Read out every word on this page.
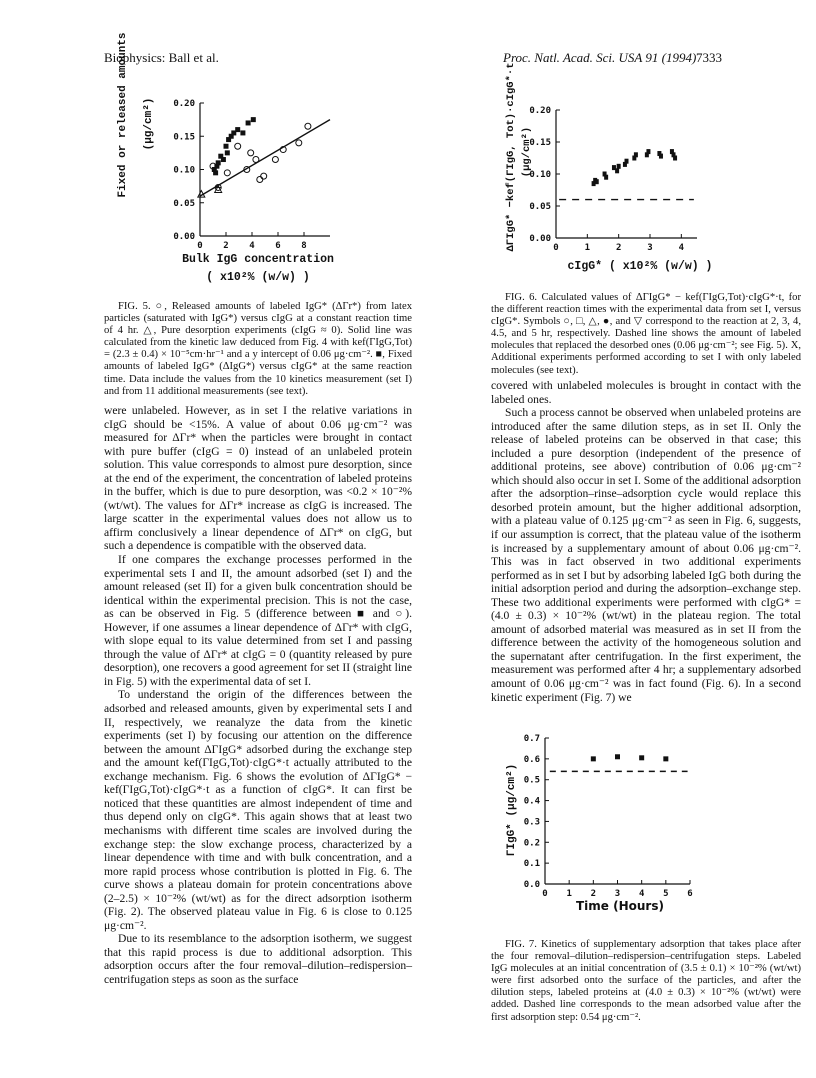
Biophysics: Ball et al.	Proc. Natl. Acad. Sci. USA 91 (1994) 7333
Fixed or released amounts (μg/cm²)
Bulk IgG concentration
( x10²% (w/w) )
0 2 4 6 8
0.00
0.05
0.10
0.15
0.20
0	1	2	3	4
0.00
0.05
0.10
0.15
0.20
0 1 2 3 4 5 6
0.0
0.1
0.2
0.3
0.4
0.5
0.6
0.7
ΔΓIgG* −kef(ΓIgG, Tot)·cIgG*·t (μg/cm²)
cIgG* ( x10²% (w/w) )
ΓIgG* (μg/cm²)
Time (Hours)

FIG. 5. ○, Released amounts of labeled IgG* (ΔΓr*) from latex particles (saturated with IgG*) versus cIgG at a constant reaction time of 4 hr. △, Pure desorption experiments (cIgG ≈ 0). Solid line was calculated from the kinetic law deduced from Fig. 4 with kef(ΓIgG,Tot) = (2.3 ± 0.4) × 10⁻⁵cm·hr⁻¹ and a y intercept of 0.06 μg·cm⁻². ■, Fixed amounts of labeled IgG* (ΔIgG*) versus cIgG* at the same reaction time. Data include the values from the 10 kinetics measurement (set I) and from 11 additional measurements (see text).

FIG. 6. Calculated values of ΔΓIgG* − kef(ΓIgG,Tot)·cIgG*·t, for the different reaction times with the experimental data from set I, versus cIgG*. Symbols ○, □, △, ●, and ▽ correspond to the reaction at 2, 3, 4, 4.5, and 5 hr, respectively. Dashed line shows the amount of labeled molecules that replaced the desorbed ones (0.06 μg·cm⁻²; see Fig. 5). X, Additional experiments performed according to set I with only labeled molecules (see text).

FIG. 7. Kinetics of supplementary adsorption that takes place after the four removal–dilution–redispersion–centrifugation steps. Labeled IgG molecules at an initial concentration of (3.5 ± 0.1) × 10⁻²% (wt/wt) were first adsorbed onto the surface of the particles, and after the dilution steps, labeled proteins at (4.0 ± 0.3) × 10⁻²% (wt/wt) were added. Dashed line corresponds to the mean adsorbed value after the first adsorption step: 0.54 μg·cm⁻².

were unlabeled. However, as in set I the relative variations in cIgG should be <15%. A value of about 0.06 μg·cm⁻² was measured for ΔΓr* when the particles were brought in contact with pure buffer (cIgG = 0) instead of an unlabeled protein solution. This value corresponds to almost pure desorption, since at the end of the experiment, the concentration of labeled proteins in the buffer, which is due to pure desorption, was <0.2 × 10⁻²% (wt/wt). The values for ΔΓr* increase as cIgG is increased. The large scatter in the experimental values does not allow us to affirm conclusively a linear dependence of ΔΓr* on cIgG, but such a dependence is compatible with the observed data.

If one compares the exchange processes performed in the experimental sets I and II, the amount adsorbed (set I) and the amount released (set II) for a given bulk concentration should be identical within the experimental precision. This is not the case, as can be observed in Fig. 5 (difference between ■ and ○). However, if one assumes a linear dependence of ΔΓr* with cIgG, with slope equal to its value determined from set I and passing through the value of ΔΓr* at cIgG = 0 (quantity released by pure desorption), one recovers a good agreement for set II (straight line in Fig. 5) with the experimental data of set I.

To understand the origin of the differences between the adsorbed and released amounts, given by experimental sets I and II, respectively, we reanalyze the data from the kinetic experiments (set I) by focusing our attention on the difference between the amount ΔΓIgG* adsorbed during the exchange step and the amount kef(ΓIgG,Tot)·cIgG*·t actually attributed to the exchange mechanism. Fig. 6 shows the evolution of ΔΓIgG* − kef(ΓIgG,Tot)·cIgG*·t as a function of cIgG*. It can first be noticed that these quantities are almost independent of time and thus depend only on cIgG*. This again shows that at least two mechanisms with different time scales are involved during the exchange step: the slow exchange process, characterized by a linear dependence with time and with bulk concentration, and a more rapid process whose contribution is plotted in Fig. 6. The curve shows a plateau domain for protein concentrations above (2–2.5) × 10⁻²% (wt/wt) as for the direct adsorption isotherm (Fig. 2). The observed plateau value in Fig. 6 is close to 0.125 μg·cm⁻².

Due to its resemblance to the adsorption isotherm, we suggest that this rapid process is due to additional adsorption. This adsorption occurs after the four removal–dilution–redispersion–centrifugation steps as soon as the surface

covered with unlabeled molecules is brought in contact with the labeled ones.

Such a process cannot be observed when unlabeled proteins are introduced after the same dilution steps, as in set II. Only the release of labeled proteins can be observed in that case; this included a pure desorption (independent of the presence of additional proteins, see above) contribution of 0.06 μg·cm⁻² which should also occur in set I. Some of the additional adsorption after the adsorption–rinse–adsorption cycle would replace this desorbed protein amount, but the higher additional adsorption, with a plateau value of 0.125 μg·cm⁻² as seen in Fig. 6, suggests, if our assumption is correct, that the plateau value of the isotherm is increased by a supplementary amount of about 0.06 μg·cm⁻². This was in fact observed in two additional experiments performed as in set I but by adsorbing labeled IgG both during the initial adsorption period and during the adsorption–exchange step. These two additional experiments were performed with cIgG* = (4.0 ± 0.3) × 10⁻²% (wt/wt) in the plateau region. The total amount of adsorbed material was measured as in set II from the difference between the activity of the homogeneous solution and the supernatant after centrifugation. In the first experiment, the measurement was performed after 4 hr; a supplementary adsorbed amount of 0.06 μg·cm⁻² was in fact found (Fig. 6). In a second kinetic experiment (Fig. 7) we
